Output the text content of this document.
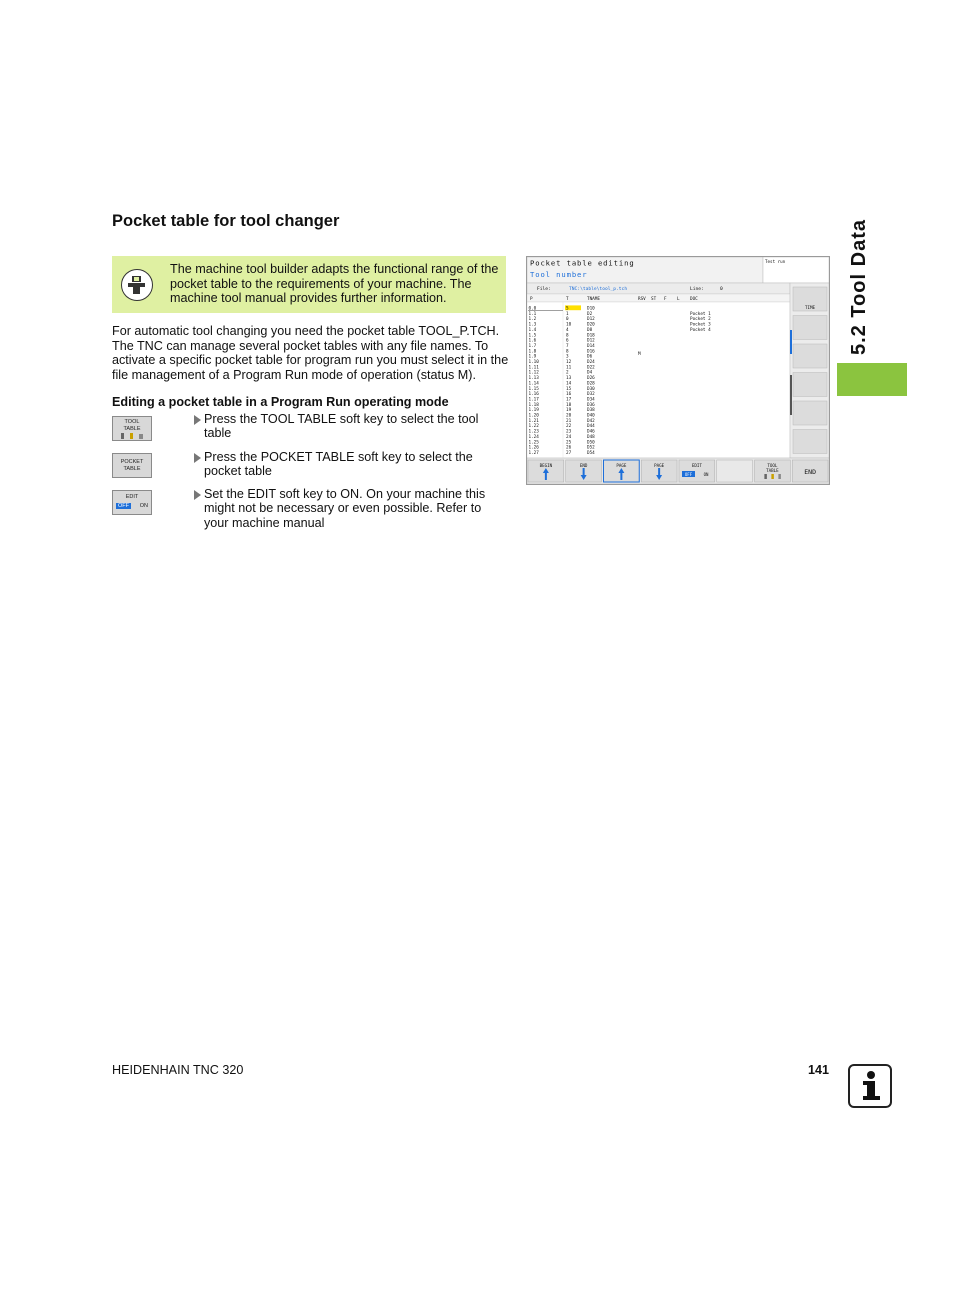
Pocket table for tool changer
The machine tool builder adapts the functional range of the pocket table to the requirements of your machine. The machine tool manual provides further information.
For automatic tool changing you need the pocket table TOOL_P.TCH. The TNC can manage several pocket tables with any file names. To activate a specific pocket table for program run you must select it in the file management of a Program Run mode of operation (status M).
Editing a pocket table in a Program Run operating mode
TOOL
TABLE
Press the TOOL TABLE soft key to select the tool table
POCKET
TABLE
Press the POCKET TABLE soft key to select the pocket table
EDIT
OFF	ON
Set the EDIT soft key to ON. On your machine this might not be necessary or even possible. Refer to your machine manual
Pocket table editing
Tool number
Test run
File:	TNC:\table\tool_p.tch	Line:	0
P	T	TNAME	RSV ST F L DOC
0.0	5	D10
1.1	1	D2	Pocket 1
1.2	0	D12	Pocket 2
1.3	10	D20	Pocket 3
1.4	4	D8	Pocket 4
1.5	8	D18
1.6	6	D12
1.7	7	D14
1.8	8	D16
1.9	3	D6
M
1.10	12	D24
1.11	11	D22
1.12	2	D4
1.13	13	D26
1.14	14	D28
1.15	15	D30
1.16	16	D32
1.17	17	D34
1.18	18	D36
1.19	19	D38
1.20	20	D40
1.21	21	D42
1.22	22	D44
1.23	23	D46
1.24	24	D48
1.25	25	D50
1.26	26	D52
1.27	27	D54
TIME
BEGIN	END	PAGE	PAGE	EDIT
OFF	ON
TOOL
TABLE	END
5.2 Tool Data
HEIDENHAIN TNC 320	141
